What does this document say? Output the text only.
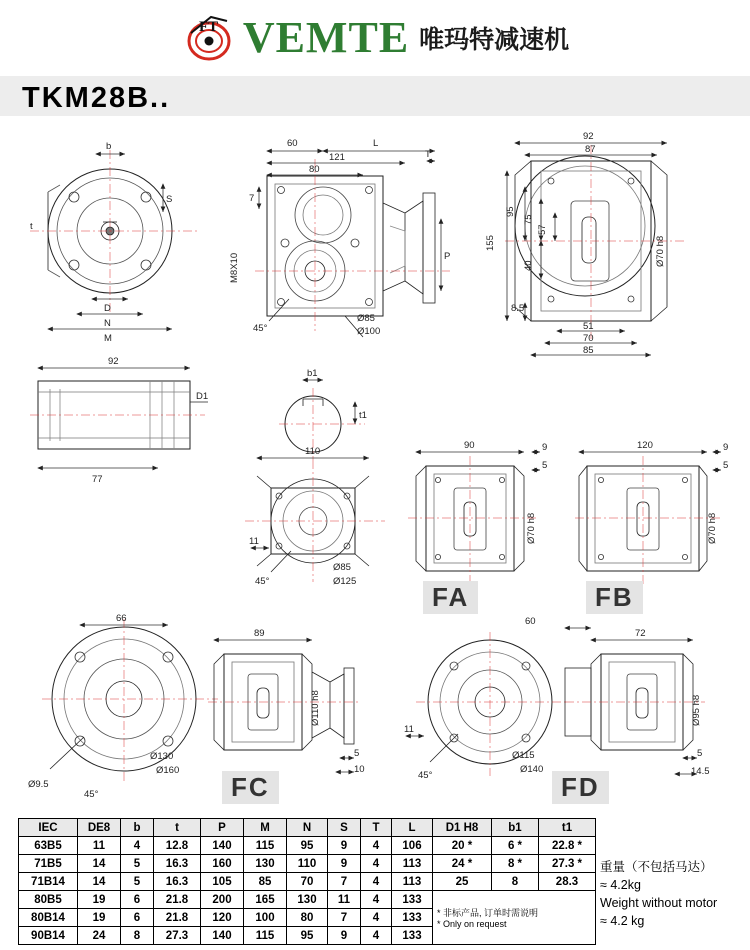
FT VEMTE 唯玛特减速机
TKM28B..
b
S
t
D
N
M
60	L
121
80
T
P
7
M8X10
45°
Ø85
Ø100
92
87
155
95
75
57
40
8.5
Ø70 h8
51
70
85
92
77
D1
b1
t1
110
11
45°
Ø85
Ø125
90	9
5
Ø70 h8
120	9
5
Ø70 h8
66
Ø9.5
Ø130
Ø160
45°
89
Ø110 h8
5
10
11
45°
Ø115
Ø140
72
60
Ø95 h8
5
14.5
FA	FB
FC	FD
IEC	DE8	b	t	P	M	N	S	T	L	D1 H8	b1	t1
63B5	11	4	12.8	140	115	95	9	4	106	20 *	6 *	22.8 *
71B5	14	5	16.3	160	130	110	9	4	113	24 *	8 *	27.3 *
71B14	14	5	16.3	105	85	70	7	4	113	25	8	28.3
80B5	19	6	21.8	200	165	130	11	4	133	* 非标产品, 订单时需说明
* Only on request		
80B14	19	6	21.8	120	100	80	7	4	133			
90B14	24	8	27.3	140	115	95	9	4	133			
重量（不包括马达）
≈ 4.2kg
Weight without motor
≈ 4.2 kg
